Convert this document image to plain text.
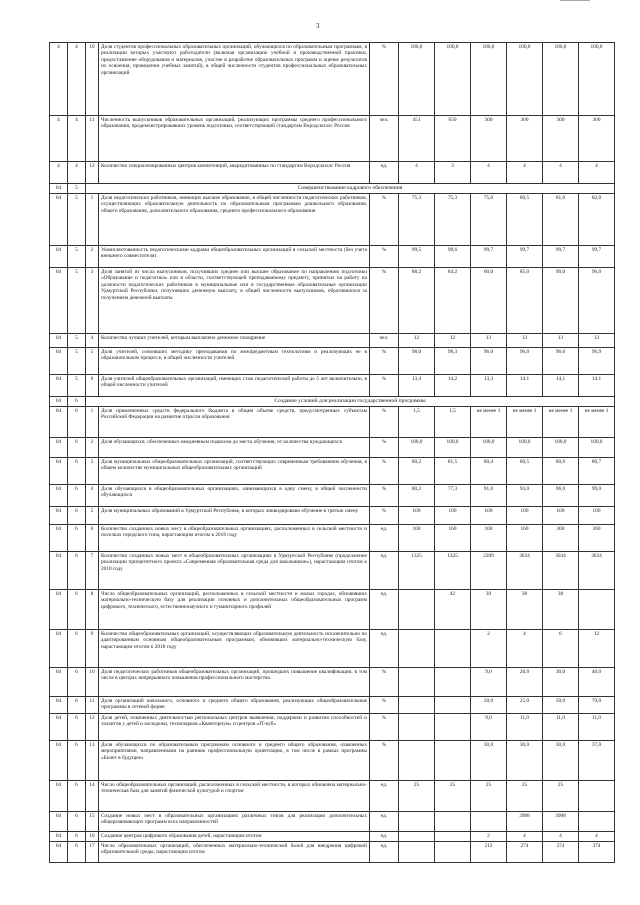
3
4	4	10	Доля студентов профессиональных образовательных организаций, обучающихся по образовательным программам, в реализации которых участвуют работодатели (включая организацию учебной и производственной практики, предоставление оборудования и материалов, участие в разработке образовательных программ и оценке результатов их освоения, проведении учебных занятий), в общей численности студентов профессиональных образовательных организаций	%	100,0	100,0	100,0	100,0	100,0	100,0
4	4	11	Численность выпускников образовательных организаций, реализующих программы среднего профессионального образования, продемонстрировавших уровень подготовки, соответствующий стандартам Ворлдскиллс Россия	чел.	451	650	300	300	300	300
4	4	12	Количество специализированных центров компетенций, аккредитованных по стандартам Ворлдскиллс Россия	ед.	4	3	4	4	4	4
04	5	Совершенствование кадрового обеспечения								
04	5	1	Доля педагогических работников, имеющих высшее образование, в общей численности педагогических работников, осуществляющих образовательную деятельность по образовательным программам дошкольного образования, общего образования, дополнительного образования, среднего профессионального образования	%	75,3	75,3	75,0	80,5	81,0	82,0
04	5	2	Укомплектованность педагогическими кадрами общеобразовательных организаций в сельской местности (без учета внешнего совместителя)	%	99,5	98,6	99,7	99,7	99,7	99,7
04	5	3	Доля занятой из числа выпускников, получивших среднее или высшее образование по направлению подготовки «Образование и педагогика» или в области, соответствующей преподаваемому предмету, принятых на работу на должности педагогических работников в муниципальные или в государственные образовательные организации Удмуртской Республики, получивших денежную выплату, в общей численности выпускников, обратившихся за получением денежной выплаты	%	88,2	84,2	60,0	85,0	90,0	96,0
04	5	4	Количество лучших учителей, которым выплачено денежное поощрение	чел.	12	12	13	13	13	13
04	5	5	Доля учителей, освоивших методику преподавания по межпредметным технологиям и реализующих ее в образовательном процессе, в общей численности учителей	%	98,0	98,3	96,0	96,0	96,6	96,9
04	5	6	Доля учителей общеобразовательных организаций, имеющих стаж педагогической работы до 5 лет включительно, в общей численности учителей	%	13,4	14,2	13,3	14,1	14,1	14,1
04	6	Создание условий для реализации государственной программы								
04	6	1	Доля привлеченных средств федерального бюджета в общем объеме средств, предусмотренных субъектам Российской Федерации на развитие отрасли образования	%	1,5	1,5	не менее 1	не менее 1	не менее 1	не менее 1
04	6	2	Доля обучающихся, обеспеченных ежедневным подвозом до места обучения, от количества нуждающихся	%	100,0	100,0	100,0	100,0	100,0	100,0
04	6	3	Доля муниципальных общеобразовательных организаций, соответствующих современным требованиям обучения, в общем количестве муниципальных общеобразовательных организаций	%	80,2	81,5	80,4	80,5	80,6	80,7
04	6	4	Доля обучающихся в общеобразовательных организациях, занимающихся в одну смену, в общей численности обучающихся	%	80,2	77,3	91,0	93,0	96,0	99,0
04	6	5	Доля муниципальных образований в Удмуртской Республике, в которых ликвидировано обучение в третью смену	%	100	100	100	100	100	100
04	6	6	Количество созданных новых мест в общеобразовательных организациях, расположенных в сельской местности и поселках городского типа, нарастающим итогом к 2018 году	ед.	160	160	160	160	360	360
04	6	7	Количество созданных новых мест в общеобразовательных организациях в Удмуртской Республике (продолжение реализации приоритетного проекта «Современная образовательная среда для школьников»), нарастающим итогом к 2018 году	ед.	1325	1325	2209	3034	3034	3034
04	6	8	Число общеобразовательных организаций, расположенных в сельской местности и малых городах, обновивших материально-техническую базу для реализации основных и дополнительных общеобразовательных программ цифрового, технического, естественнонаучного и гуманитарного профилей	ед.		42	39	38	38	
04	6	9	Количество общеобразовательных организаций, осуществляющих образовательную деятельность исключительно по адаптированным основным общеобразовательным программам, обновивших материально-техническую базу, нарастающим итогом к 2018 году	ед.			2	4	6	12
04	6	10	Доля педагогических работников общеобразовательных организаций, прошедших повышение квалификации, в том числе в центрах непрерывного повышения профессионального мастерства	%			9,0	20,0	30,0	40,0
04	6	11	Доля организаций начального, основного и среднего общего образования, реализующих общеобразовательные программы в сетевой форме	%			20,0	25,0	50,0	70,0
04	6	12	Доля детей, охваченных деятельностью региональных центров выявления, поддержки и развития способностей и талантов у детей и молодежи, технопарков «Кванториум» и центров «IT-куб»	%			9,0	11,0	11,0	11,0
04	6	13	Доля обучающихся по образовательным программам основного и среднего общего образования, охваченных мероприятиями, направленными на раннюю профессиональную ориентацию, в том числе в рамках программы «Билет в будущее»	%			30,0	30,0	30,0	37,0
04	6	14	Число общеобразовательных организаций, расположенных в сельской местности, в которых обновлена материально-техническая база для занятий физической культурой и спортом	ед.	25	25	25	25	25	
04	6	15	Создание новых мест в образовательных организациях различных типов для реализации дополнительных общеразвивающих программ всех направленностей	ед.				3908	3908	
04	6	16	Создание центров цифрового образования детей, нарастающим итогом	ед.			2	4	4	4
04	6	17	Число образовательных организаций, обеспеченных материально-технической базой для внедрения цифровой образовательной среды, нарастающим итогом	ед.			212	274	374	374
